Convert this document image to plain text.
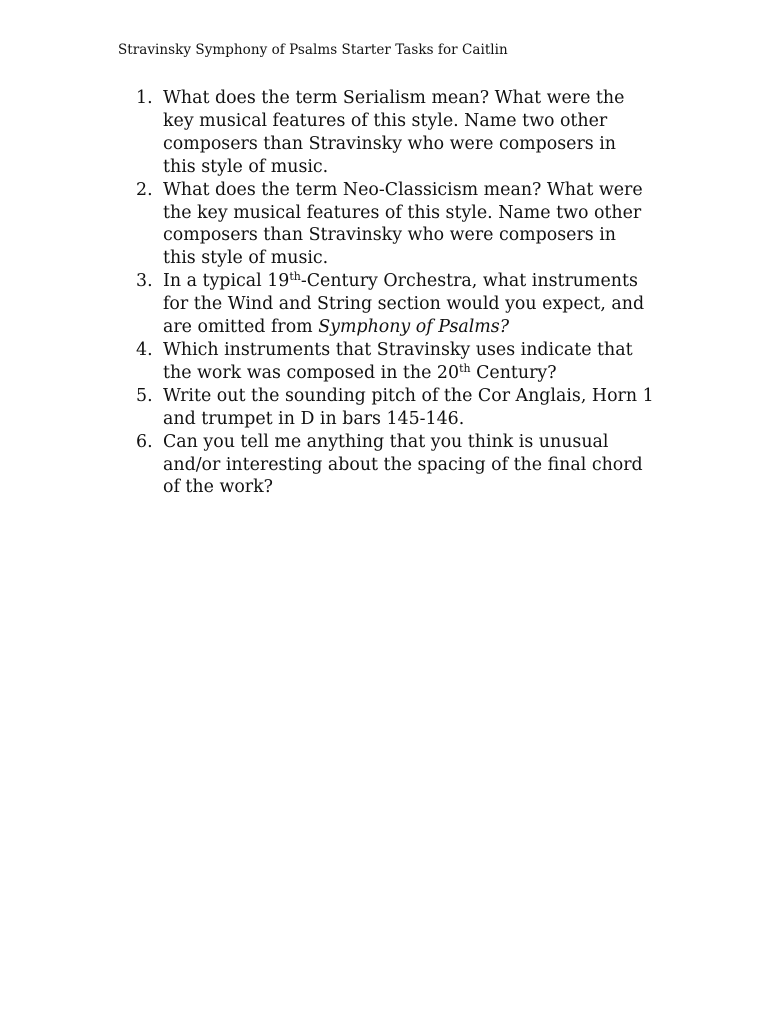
Stravinsky Symphony of Psalms Starter Tasks for Caitlin
1. What does the term Serialism mean? What were the
key musical features of this style. Name two other
composers than Stravinsky who were composers in
this style of music.
2. What does the term Neo-Classicism mean? What were
the key musical features of this style. Name two other
composers than Stravinsky who were composers in
this style of music.
3. In a typical 19th-Century Orchestra, what instruments
for the Wind and String section would you expect, and
are omitted from Symphony of Psalms?
4. Which instruments that Stravinsky uses indicate that
the work was composed in the 20th Century?
5. Write out the sounding pitch of the Cor Anglais, Horn 1
and trumpet in D in bars 145-146.
6. Can you tell me anything that you think is unusual
and/or interesting about the spacing of the final chord
of the work?
